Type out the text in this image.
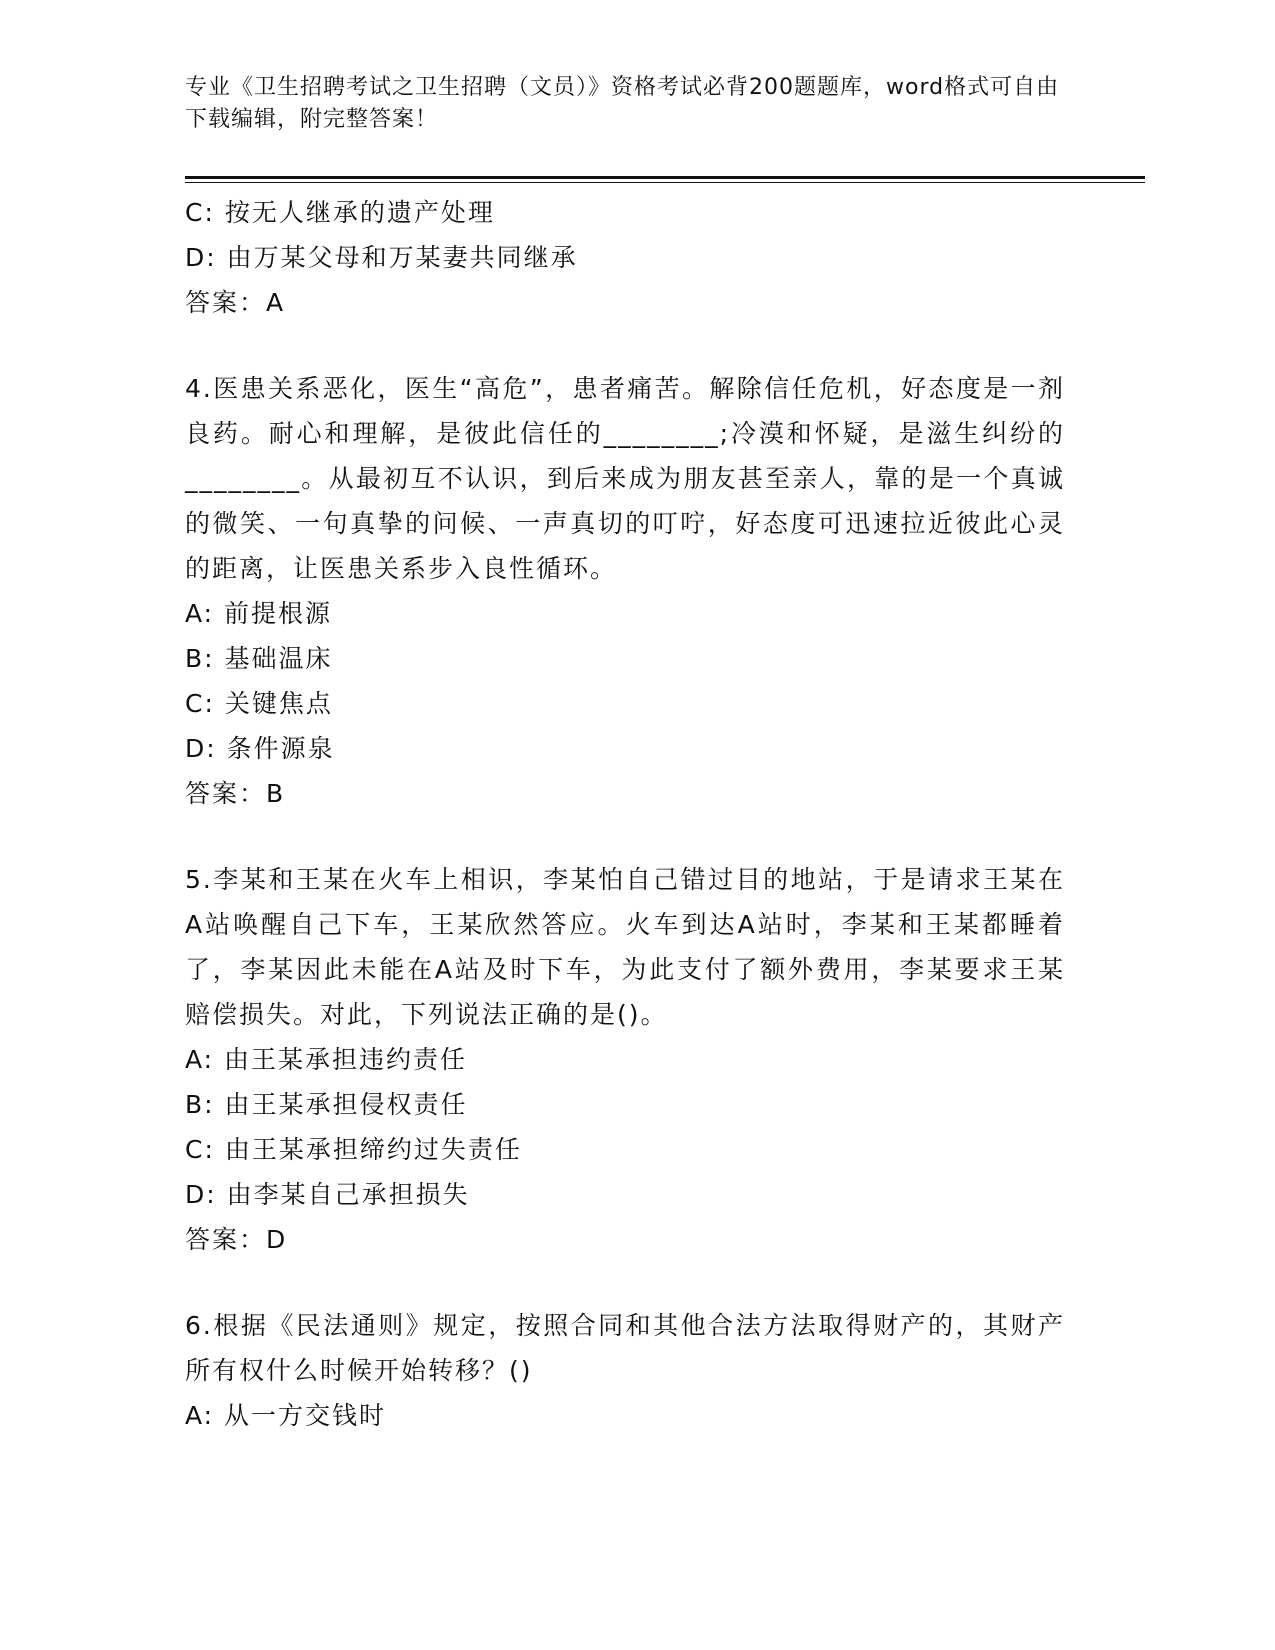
专业《卫生招聘考试之卫生招聘（文员）》资格考试必背200题题库，word格式可自由下载编辑，附完整答案！
C: 按无人继承的遗产处理
D: 由万某父母和万某妻共同继承
答案：A
4.医患关系恶化，医生“高危”，患者痛苦。解除信任危机，好态度是一剂良药。耐心和理解，是彼此信任的________;冷漠和怀疑，是滋生纠纷的________。从最初互不认识，到后来成为朋友甚至亲人，靠的是一个真诚的微笑、一句真挚的问候、一声真切的叮咛，好态度可迅速拉近彼此心灵的距离，让医患关系步入良性循环。
A: 前提根源
B: 基础温床
C: 关键焦点
D: 条件源泉
答案：B
5.李某和王某在火车上相识，李某怕自己错过目的地站，于是请求王某在A站唤醒自己下车，王某欣然答应。火车到达A站时，李某和王某都睡着了，李某因此未能在A站及时下车，为此支付了额外费用，李某要求王某赔偿损失。对此，下列说法正确的是()。
A: 由王某承担违约责任
B: 由王某承担侵权责任
C: 由王某承担缔约过失责任
D: 由李某自己承担损失
答案：D
6.根据《民法通则》规定，按照合同和其他合法方法取得财产的，其财产所有权什么时候开始转移？()
A: 从一方交钱时
